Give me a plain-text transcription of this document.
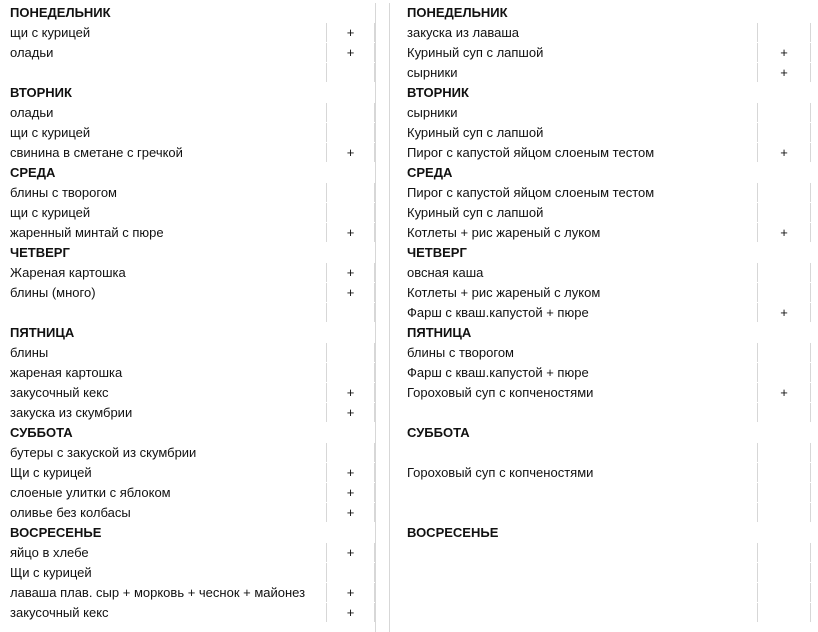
ПОНЕДЕЛЬНИК
щи с курицей	+
оладьи	+
ВТОРНИК
оладьи
щи с курицей
свинина в сметане с гречкой	+
СРЕДА
блины с творогом
щи с курицей
жаренный минтай с пюре	+
ЧЕТВЕРГ
Жареная картошка	+
блины (много)	+
ПЯТНИЦА
блины
жареная картошка
закусочный кекс	+
закуска из скумбрии	+
СУББОТА
бутеры с закуской из скумбрии
Щи с курицей	+
слоеные улитки с яблоком	+
оливье без колбасы	+
ВОСРЕСЕНЬЕ
яйцо в хлебе	+
Щи с курицей
лаваша плав. сыр + морковь + чеснок + майонез	+
закусочный кекс	+
ПОНЕДЕЛЬНИК
закуска из лаваша
Куриный суп с лапшой	+
сырники	+
ВТОРНИК
сырники
Куриный суп с лапшой
Пирог с капустой яйцом слоеным тестом	+
СРЕДА
Пирог с капустой яйцом слоеным тестом
Куриный суп с лапшой
Котлеты + рис жареный с луком	+
ЧЕТВЕРГ
овсная каша
Котлеты + рис жареный с луком
Фарш с кваш.капустой + пюре	+
ПЯТНИЦА
блины с творогом
Фарш с кваш.капустой + пюре
Гороховый суп с копченостями	+
СУББОТА
Гороховый суп с копченостями
ВОСРЕСЕНЬЕ
